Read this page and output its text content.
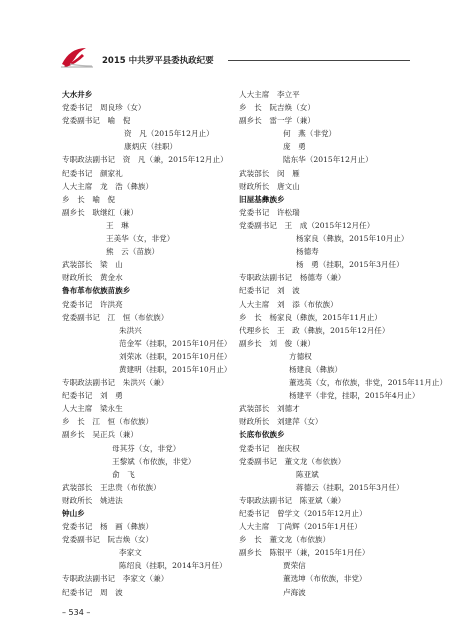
2015 中共罗平县委执政纪要
大水井乡
党委书记　周良珍（女）
党委副书记　喻　倪
资　凡（2015年12月止）
康炳庆（挂职）
专职政法副书记　资　凡（兼，2015年12月止）
纪委书记　颜家礼
人大主席　龙　浩（彝族）
乡　长　喻　倪
副乡长　耿继红（兼）
王　琳
王美华（女，非党）
熊　云（苗族）
武装部长　梁　山
财政所长　黄金水
鲁布革布依族苗族乡
党委书记　许洪亮
党委副书记　江　恒（布依族）
朱洪兴
范金军（挂职，2015年10月任）
刘荣冰（挂职，2015年10月任）
黄建明（挂职，2015年10月止）
专职政法副书记　朱洪兴（兼）
纪委书记　刘　勇
人大主席　梁永生
乡　长　江　恒（布依族）
副乡长　吴正兵（兼）
母其芬（女，非党）
王黎斌（布依族，非党）
俞　飞
武装部长　王忠贵（布依族）
财政所长　姚进法
钟山乡
党委书记　杨　画（彝族）
党委副书记　阮吉焕（女）
李家文
陈绍良（挂职，2014年3月任）
专职政法副书记　李家文（兼）
纪委书记　周　波
人大主席　李立平
乡　长　阮吉焕（女）
副乡长　雷一学（兼）
何　燕（非党）
庞　勇
陆东华（2015年12月止）
武装部长　闵　雁
财政所长　唐文山
旧屋基彝族乡
党委书记　许松瑞
党委副书记　王　成（2015年12月任）
杨家良（彝族，2015年10月止）
杨德寿
杨　勇（挂职，2015年3月任）
专职政法副书记　杨德寿（兼）
纪委书记　刘　波
人大主席　刘　添（布依族）
乡　长　杨家良（彝族，2015年11月止）
代理乡长　王　政（彝族，2015年12月任）
副乡长　刘　俊（兼）
方德权
杨建良（彝族）
董选英（女，布依族，非党，2015年11月止）
杨建平（非党，挂职，2015年4月止）
武装部长　刘德才
财政所长　刘建萍（女）
长底布依族乡
党委书记　崔庆权
党委副书记　董文龙（布依族）
陈亚斌
蒋德云（挂职，2015年3月任）
专职政法副书记　陈亚斌（兼）
纪委书记　曾学文（2015年12月止）
人大主席　丁尚辉（2015年1月任）
乡　长　董文龙（布依族）
副乡长　陈银平（兼，2015年1月任）
贾荣信
董选坤（布依族，非党）
卢海波
– 534 –
